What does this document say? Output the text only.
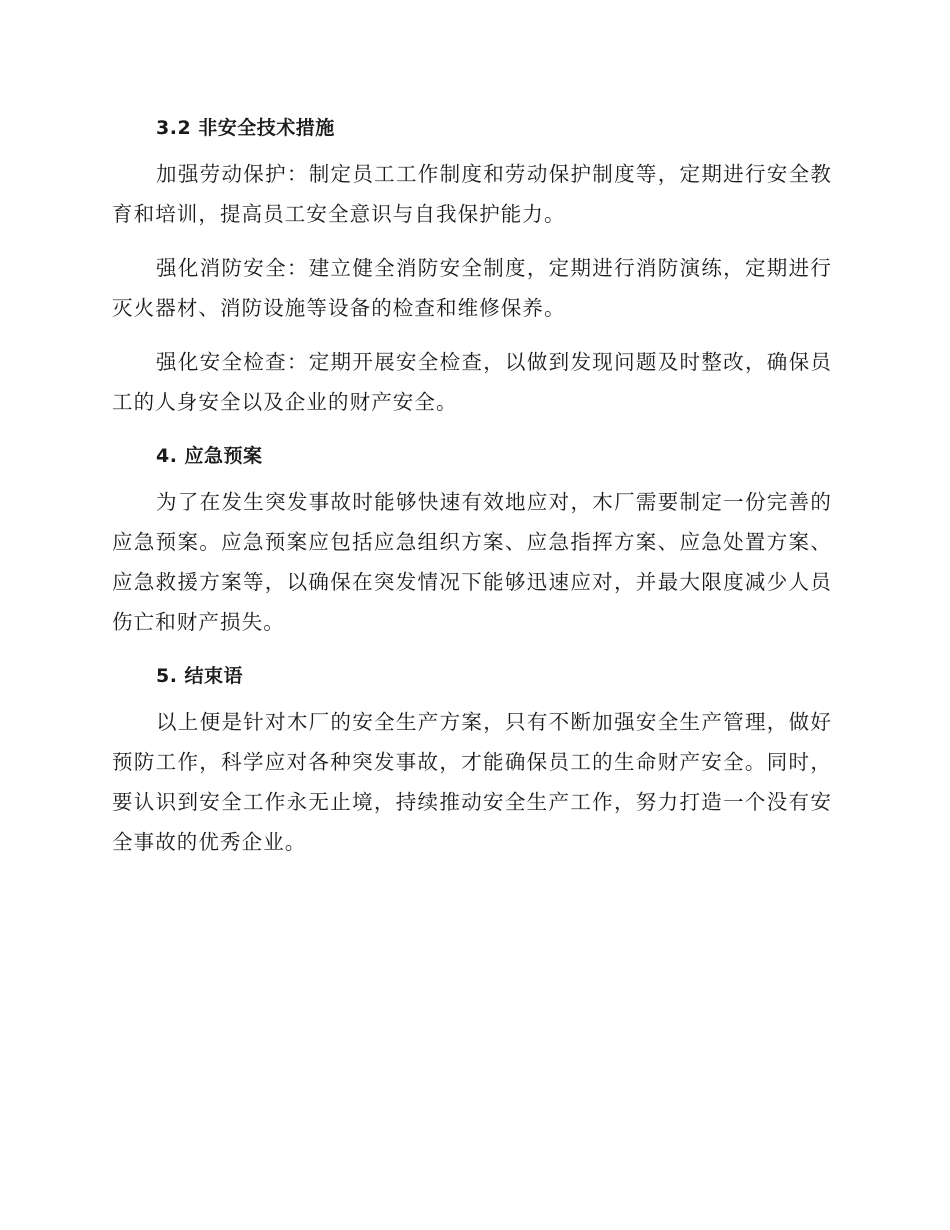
3.2 非安全技术措施

加强劳动保护：制定员工工作制度和劳动保护制度等，定期进行安全教育和培训，提高员工安全意识与自我保护能力。

强化消防安全：建立健全消防安全制度，定期进行消防演练，定期进行灭火器材、消防设施等设备的检查和维修保养。

强化安全检查：定期开展安全检查，以做到发现问题及时整改，确保员工的人身安全以及企业的财产安全。

4. 应急预案

为了在发生突发事故时能够快速有效地应对，木厂需要制定一份完善的应急预案。应急预案应包括应急组织方案、应急指挥方案、应急处置方案、应急救援方案等，以确保在突发情况下能够迅速应对，并最大限度减少人员伤亡和财产损失。

5. 结束语

以上便是针对木厂的安全生产方案，只有不断加强安全生产管理，做好预防工作，科学应对各种突发事故，才能确保员工的生命财产安全。同时，要认识到安全工作永无止境，持续推动安全生产工作，努力打造一个没有安全事故的优秀企业。
